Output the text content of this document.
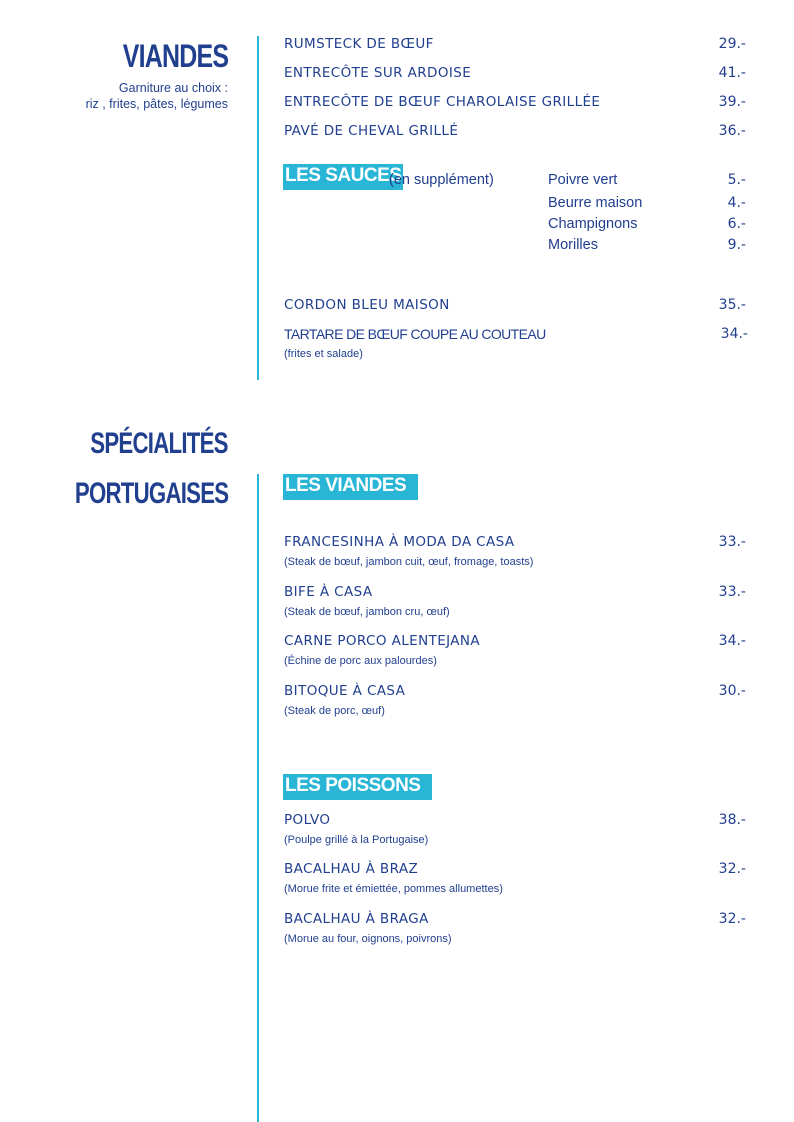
VIANDES
Garniture au choix :
riz , frites, pâtes, légumes
RUMSTECK DE BŒUF	29.-
ENTRECÔTE SUR ARDOISE	41.-
ENTRECÔTE DE BŒUF CHAROLAISE GRILLÉE	39.-
PAVÉ DE CHEVAL GRILLÉ	36.-
LES SAUCES
(en supplément)	Poivre vert	5.-
Beurre maison	4.-
Champignons	6.-
Morilles	9.-
CORDON BLEU MAISON	35.-
TARTARE DE BŒUF COUPE AU COUTEAU	34.-
(frites et salade)
SPÉCIALITÉS
PORTUGAISES	LES VIANDES
FRANCESINHA À MODA DA CASA	33.-
(Steak de bœuf, jambon cuit, œuf, fromage, toasts)
BIFE À CASA	33.-
(Steak de bœuf, jambon cru, œuf)
CARNE PORCO ALENTEJANA	34.-
(Échine de porc aux palourdes)
BITOQUE À CASA	30.-
(Steak de porc, œuf)
LES POISSONS
POLVO	38.-
(Poulpe grillé à la Portugaise)
BACALHAU À BRAZ	32.-
(Morue frite et émiettée, pommes allumettes)
BACALHAU À BRAGA	32.-
(Morue au four, oignons, poivrons)
